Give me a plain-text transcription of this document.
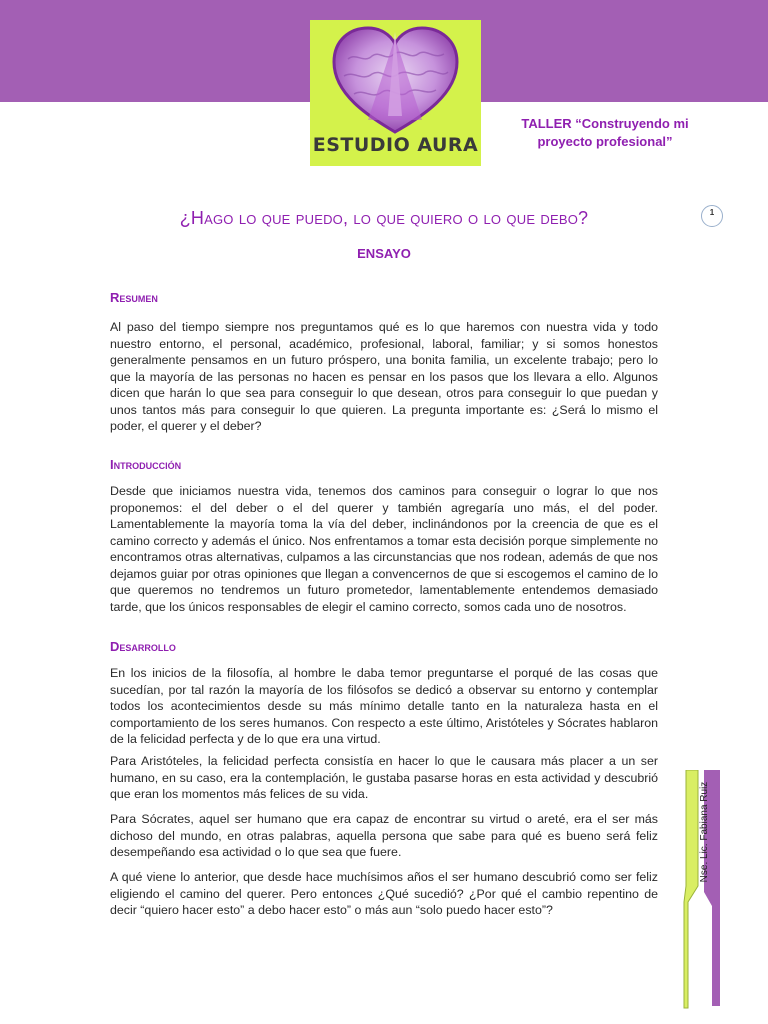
ESTUDIO AURA
TALLER “Construyendo mi proyecto profesional”
1
¿Hago lo que puedo, lo que quiero o lo que debo?
ENSAYO
Resumen

Al paso del tiempo siempre nos preguntamos qué es lo que haremos con nuestra vida y todo nuestro entorno, el personal, académico, profesional, laboral, familiar; y si somos honestos generalmente pensamos en un futuro próspero, una bonita familia, un excelente trabajo; pero lo que la mayoría de las personas no hacen es pensar en los pasos que los llevara a ello. Algunos dicen que harán lo que sea para conseguir lo que desean, otros para conseguir lo que puedan y unos tantos más para conseguir lo que quieren. La pregunta importante es: ¿Será lo mismo el poder, el querer y el deber?

Introducción

Desde que iniciamos nuestra vida, tenemos dos caminos para conseguir o lograr lo que nos proponemos: el del deber o el del querer y también agregaría uno más, el del poder. Lamentablemente la mayoría toma la vía del deber, inclinándonos por la creencia de que es el camino correcto y además el único. Nos enfrentamos a tomar esta decisión porque simplemente no encontramos otras alternativas, culpamos a las circunstancias que nos rodean, además de que nos dejamos guiar por otras opiniones que llegan a convencernos de que si escogemos el camino de lo que queremos no tendremos un futuro prometedor, lamentablemente entendemos demasiado tarde, que los únicos responsables de elegir el camino correcto, somos cada uno de nosotros.

Desarrollo

En los inicios de la filosofía, al hombre le daba temor preguntarse el porqué de las cosas que sucedían, por tal razón la mayoría de los filósofos se dedicó a observar su entorno y contemplar todos los acontecimientos desde su más mínimo detalle tanto en la naturaleza hasta en el comportamiento de los seres humanos. Con respecto a este último, Aristóteles y Sócrates hablaron de la felicidad perfecta y de lo que era una virtud.

Para Aristóteles, la felicidad perfecta consistía en hacer lo que le causara más placer a un ser humano, en su caso, era la contemplación, le gustaba pasarse horas en esta actividad y descubrió que eran los momentos más felices de su vida.

Para Sócrates, aquel ser humano que era capaz de encontrar su virtud o areté, era el ser más dichoso del mundo, en otras palabras, aquella persona que sabe para qué es bueno será feliz desempeñando esa actividad o lo que sea que fuere.

A qué viene lo anterior, que desde hace muchísimos años el ser humano descubrió como ser feliz eligiendo el camino del querer. Pero entonces ¿Qué sucedió? ¿Por qué el cambio repentino de decir “quiero hacer esto” a debo hacer esto” o más aun “solo puedo hacer esto”?

Nse. Lic. Fabiana Ruiz
